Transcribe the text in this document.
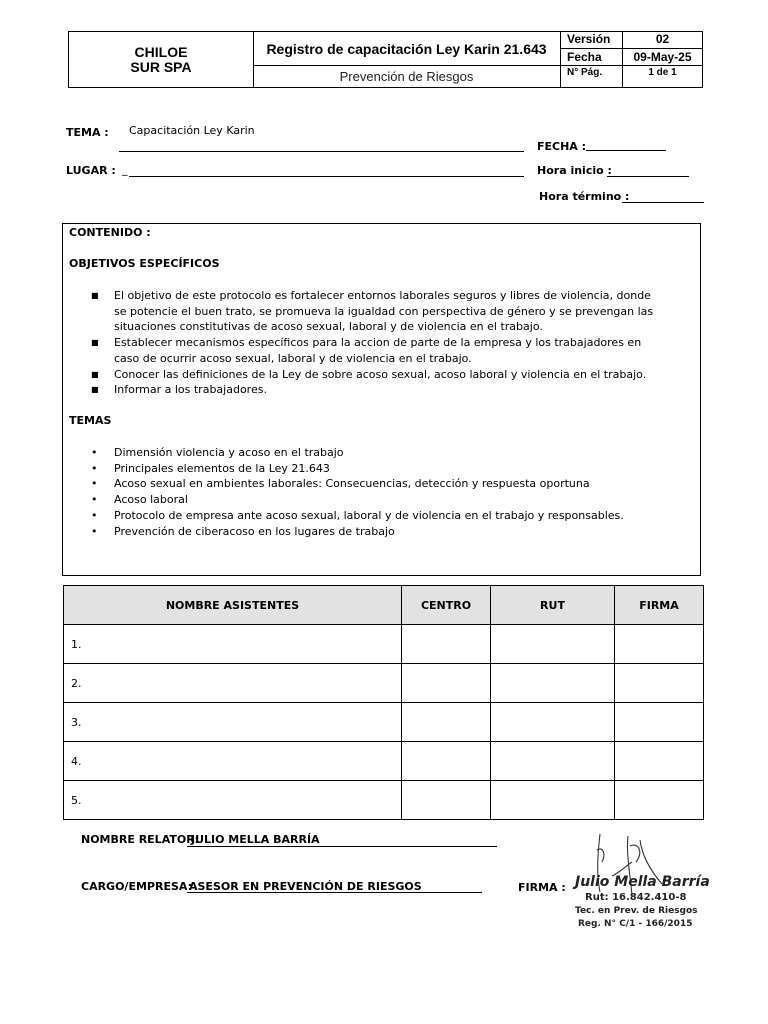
CHILOE
SUR SPA
Registro de capacitación Ley Karin 21.643
Prevención de Riesgos
Versión	02
Fecha	09-May-25
N° Pág.	1 de 1
TEMA : Capacitación Ley Karin
FECHA :
LUGAR : _	Hora inicio :
Hora término :
CONTENIDO :
OBJETIVOS ESPECÍFICOS
■ El objetivo de este protocolo es fortalecer entornos laborales seguros y libres de violencia, donde se potencie el buen trato, se promueva la igualdad con perspectiva de género y se prevengan las situaciones constitutivas de acoso sexual, laboral y de violencia en el trabajo.
■ Establecer mecanismos específicos para la accion de parte de la empresa y los trabajadores en caso de ocurrir acoso sexual, laboral y de violencia en el trabajo.
■ Conocer las definiciones de la Ley de sobre acoso sexual, acoso laboral y violencia en el trabajo.
■ Informar a los trabajadores.
TEMAS
• Dimensión violencia y acoso en el trabajo
• Principales elementos de la Ley 21.643
• Acoso sexual en ambientes laborales: Consecuencias, detección y respuesta oportuna
• Acoso laboral
• Protocolo de empresa ante acoso sexual, laboral y de violencia en el trabajo y responsables.
• Prevención de ciberacoso en los lugares de trabajo
NOMBRE ASISTENTES	CENTRO	RUT	FIRMA
1.			
2.			
3.			
4.			
5.			
NOMBRE RELATOR:
JULIO MELLA BARRÍA
CARGO/EMPRESA:
ASESOR EN PREVENCIÓN DE RIESGOS	FIRMA : Julio Mella Barría
Rut: 16.842.410-8
Tec. en Prev. de Riesgos
Reg. N° C/1 - 166/2015
